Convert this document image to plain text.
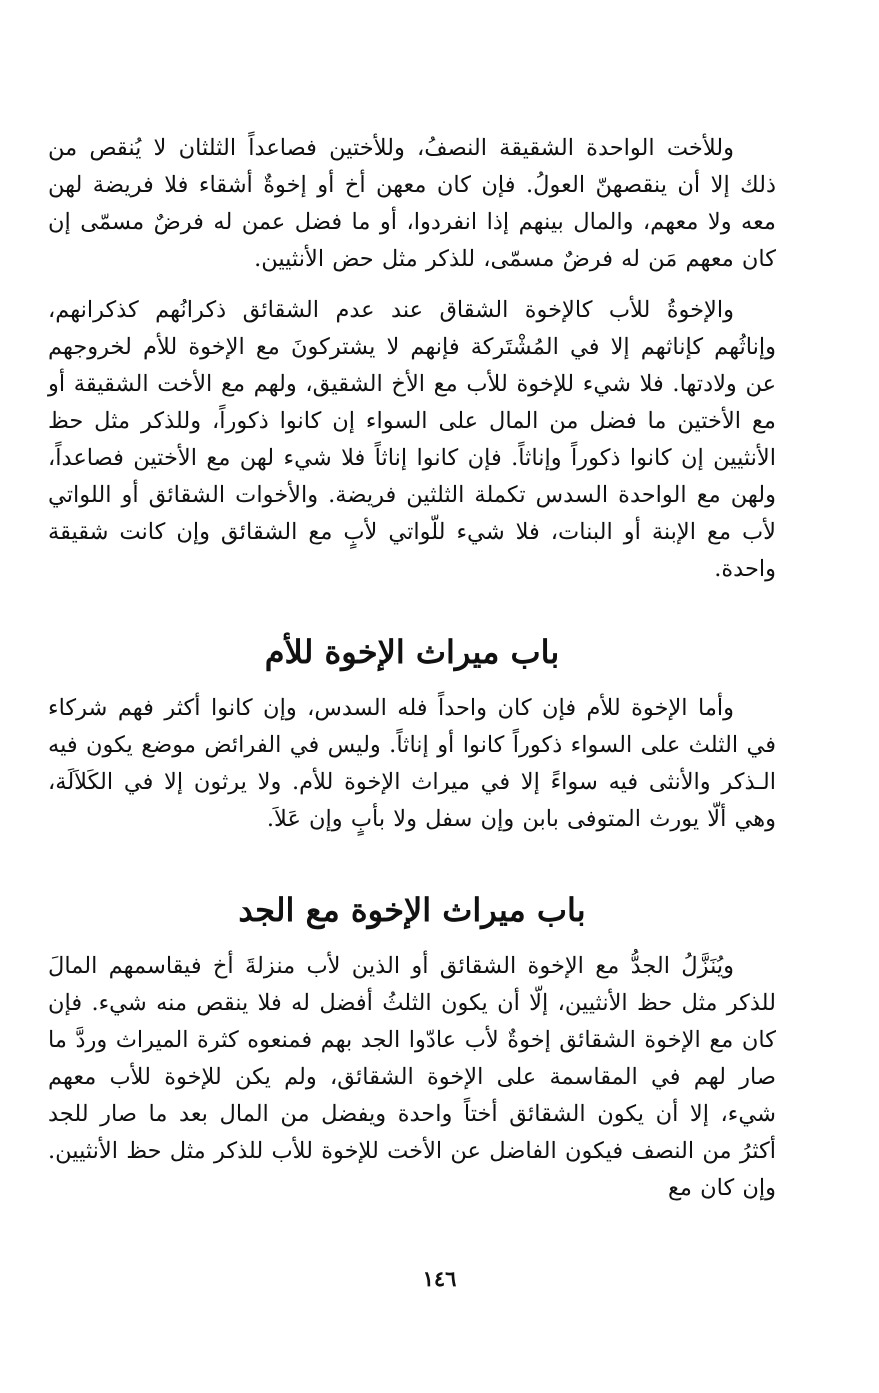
وللأخت الواحدة الشقيقة النصفُ، وللأختين فصاعداً الثلثان لا يُنقص من ذلك إلا أن ينقصهنّ العولُ. فإن كان معهن أخ أو إخوةٌ أشقاء فلا فريضة لهن معه ولا معهم، والمال بينهم إذا انفردوا، أو ما فضل عمن له فرضٌ مسمّى إن كان معهم مَن له فرضٌ مسمّى، للذكر مثل حض الأنثيين.

والإخوةُ للأب كالإخوة الشقاق عند عدم الشقائق ذكرانُهم كذكرانهم، وإناثُهم كإناثهم إلا في المُشْتَركة فإنهم لا يشتركونَ مع الإخوة للأم لخروجهم عن ولادتها. فلا شيء للإخوة للأب مع الأخ الشقيق، ولهم مع الأخت الشقيقة أو مع الأختين ما فضل من المال على السواء إن كانوا ذكوراً، وللذكر مثل حظ الأنثيين إن كانوا ذكوراً وإناثاً. فإن كانوا إناثاً فلا شيء لهن مع الأختين فصاعداً، ولهن مع الواحدة السدس تكملة الثلثين فريضة. والأخوات الشقائق أو اللواتي لأب مع الإبنة أو البنات، فلا شيء للّواتي لأبٍ مع الشقائق وإن كانت شقيقة واحدة.

باب ميراث الإخوة للأم

وأما الإخوة للأم فإن كان واحداً فله السدس، وإن كانوا أكثر فهم شركاء في الثلث على السواء ذكوراً كانوا أو إناثاً. وليس في الفرائض موضع يكون فيه الـذكر والأنثى فيه سواءً إلا في ميراث الإخوة للأم. ولا يرثون إلا في الكَلاَلَة، وهي ألّا يورث المتوفى بابن وإن سفل ولا بأبٍ وإن عَلاَ.

باب ميراث الإخوة مع الجد

ويُنَزَّلُ الجدُّ مع الإخوة الشقائق أو الذين لأب منزلةَ أخ فيقاسمهم المالَ للذكر مثل حظ الأنثيين، إلّا أن يكون الثلثُ أفضل له فلا ينقص منه شيء. فإن كان مع الإخوة الشقائق إخوةٌ لأب عادّوا الجد بهم فمنعوه كثرة الميراث وردَّ ما صار لهم في المقاسمة على الإخوة الشقائق، ولم يكن للإخوة للأب معهم شيء، إلا أن يكون الشقائق أختاً واحدة ويفضل من المال بعد ما صار للجد أكثرُ من النصف فيكون الفاضل عن الأخت للإخوة للأب للذكر مثل حظ الأنثيين. وإن كان مع

١٤٦
